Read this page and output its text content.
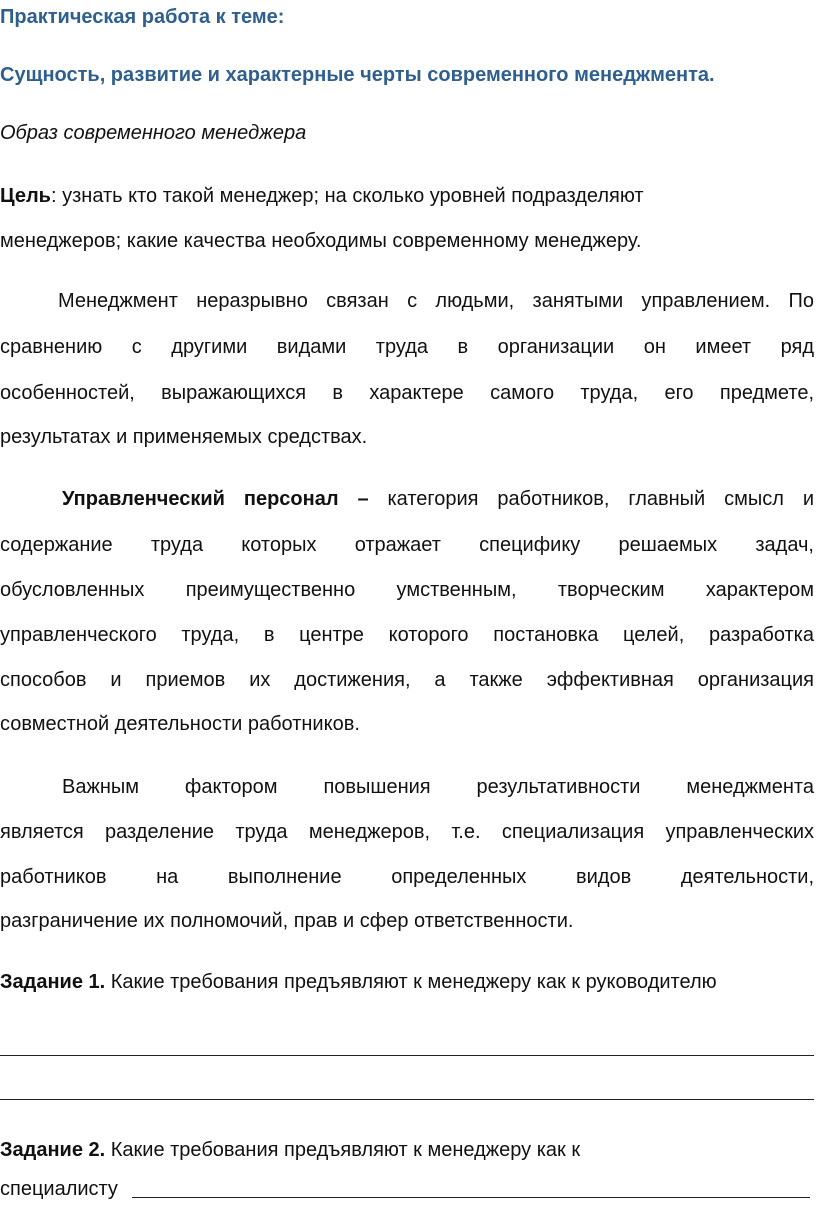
Практическая работа к теме:
Сущность, развитие и характерные черты современного менеджмента.
Образ современного менеджера
Цель: узнать кто такой менеджер; на сколько уровней подразделяют
менеджеров; какие качества необходимы современному менеджеру.
Менеджмент неразрывно связан с людьми, занятыми управлением. По
сравнению с другими видами труда в организации он имеет ряд
особенностей, выражающихся в характере самого труда, его предмете,
результатах и применяемых средствах.
Управленческий персонал – категория работников, главный смысл и
содержание труда которых отражает специфику решаемых задач,
обусловленных преимущественно умственным, творческим характером
управленческого труда, в центре которого постановка целей, разработка
способов и приемов их достижения, а также эффективная организация
совместной деятельности работников.
Важным фактором повышения результативности менеджмента
является разделение труда менеджеров, т.е. специализация управленческих
работников на выполнение определенных видов деятельности,
разграничение их полномочий, прав и сфер ответственности.
Задание 1. Какие требования предъявляют к менеджеру как к руководителю
Задание 2. Какие требования предъявляют к менеджеру как к
специалисту
